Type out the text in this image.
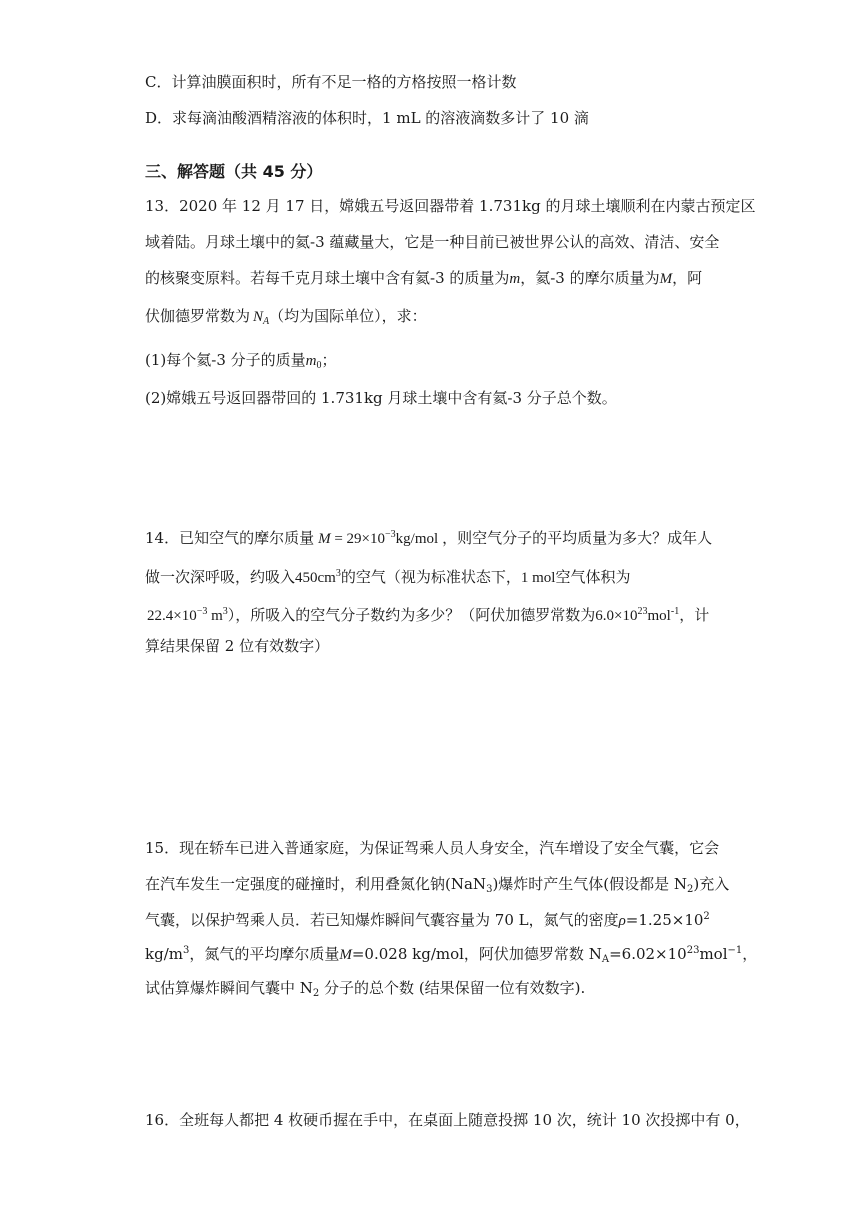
C．计算油膜面积时，所有不足一格的方格按照一格计数
D．求每滴油酸酒精溶液的体积时，1 mL 的溶液滴数多计了 10 滴
三、解答题（共 45 分）
13．2020 年 12 月 17 日，嫦娥五号返回器带着 1.731kg 的月球土壤顺利在内蒙古预定区
域着陆。月球土壤中的氦-3 蕴藏量大，它是一种目前已被世界公认的高效、清洁、安全
的核聚变原料。若每千克月球土壤中含有氦-3 的质量为m，氦-3 的摩尔质量为M，阿
伏伽德罗常数为 $N_A$（均为国际单位），求：
(1)每个氦-3 分子的质量$m_0$；
(2)嫦娥五号返回器带回的 1.731kg 月球土壤中含有氦-3 分子总个数。
14．已知空气的摩尔质量 $M = 29\times 10^{-3}kg$/mol ，则空气分子的平均质量为多大？成年人
做一次深呼吸，约吸入$450cm^3$的空气（视为标准状态下，1 mol空气体积为
$22.4\times 10^{-3}$ $m^3$），所吸入的空气分子数约为多少？（阿伏加德罗常数为$6.0\times 10^{23}mol^{-1}$，计
算结果保留 2 位有效数字）
15．现在轿车已进入普通家庭，为保证驾乘人员人身安全，汽车增设了安全气囊，它会
在汽车发生一定强度的碰撞时，利用叠氮化钠(NaN$_3$)爆炸时产生气体(假设都是 $N_2$)充入
气囊，以保护驾乘人员．若已知爆炸瞬间气囊容量为 70 L，氮气的密度$\rho=1.25\times 10^2$
$kg/m^3$，氮气的平均摩尔质量M=0.028 kg/mol，阿伏加德罗常数 $N_A=6.02\times 10^{23}mol^{-1}$，
试估算爆炸瞬间气囊中 $N_2$ 分子的总个数 (结果保留一位有效数字).
16．全班每人都把 4 枚硬币握在手中，在桌面上随意投掷 10 次，统计 10 次投掷中有 0，
